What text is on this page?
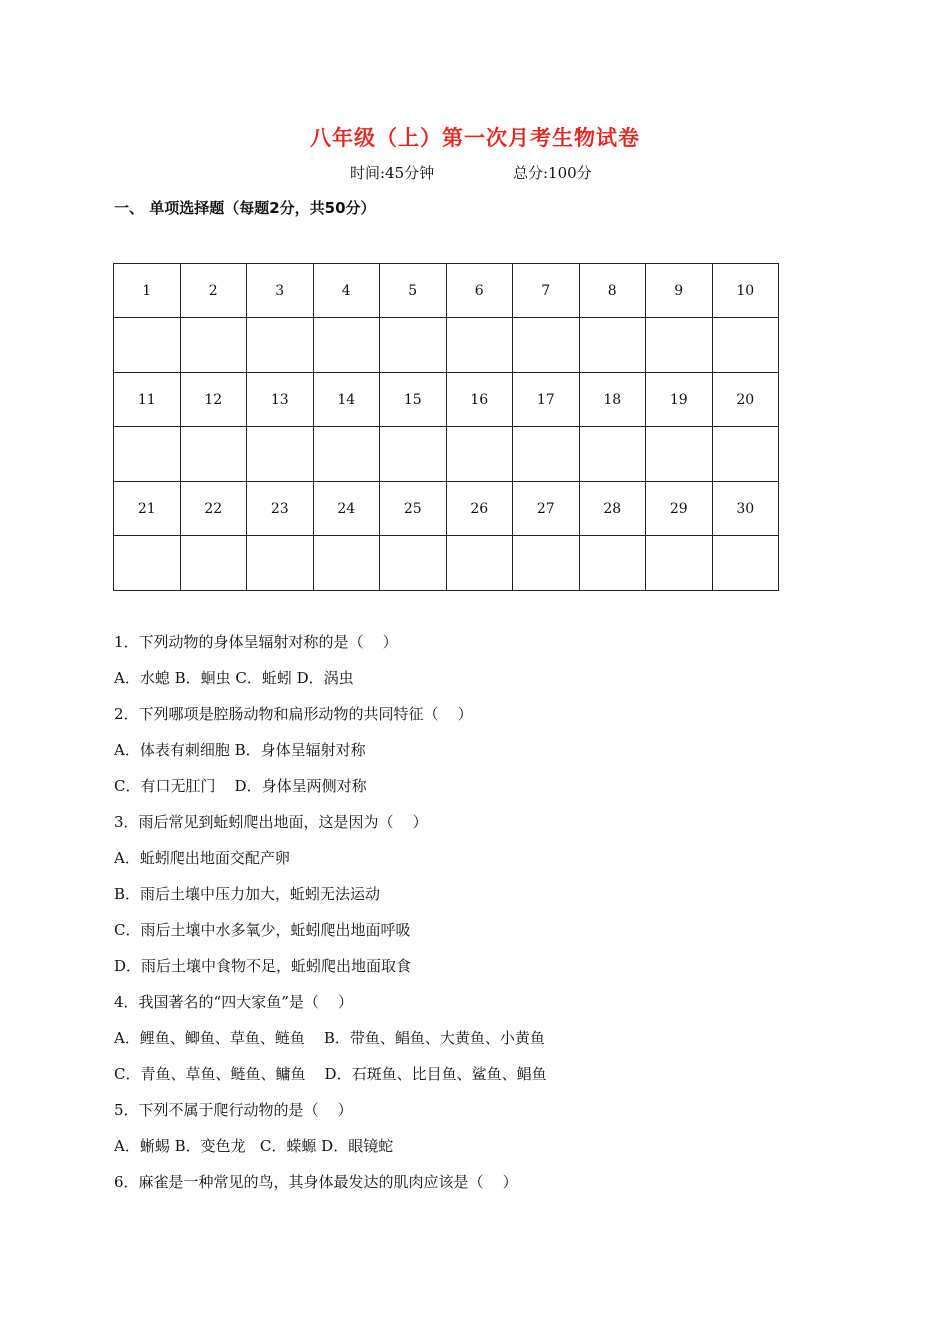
八年级（上）第一次月考生物试卷
时间:45分钟	总分:100分
一、 单项选择题（每题2分，共50分）
1	2	3	4	5	6	7	8	9	10

11	12	13	14	15	16	17	18	19	20

21	22	23	24	25	26	27	28	29	30

1．下列动物的身体呈辐射对称的是（    ）
A．水螅 B．蛔虫 C．蚯蚓 D．涡虫
2．下列哪项是腔肠动物和扁形动物的共同特征（    ）
A．体表有刺细胞 B．身体呈辐射对称
C．有口无肛门    D．身体呈两侧对称
3．雨后常见到蚯蚓爬出地面，这是因为（    ）
A．蚯蚓爬出地面交配产卵
B．雨后土壤中压力加大，蚯蚓无法运动
C．雨后土壤中水多氧少，蚯蚓爬出地面呼吸
D．雨后土壤中食物不足，蚯蚓爬出地面取食
4．我国著名的“四大家鱼”是（    ）
A．鲤鱼、鲫鱼、草鱼、鲢鱼    B．带鱼、鲳鱼、大黄鱼、小黄鱼
C．青鱼、草鱼、鲢鱼、鳙鱼    D．石斑鱼、比目鱼、鲨鱼、鲳鱼
5．下列不属于爬行动物的是（    ）
A．蜥蜴 B．变色龙   C．蝾螈 D．眼镜蛇
6．麻雀是一种常见的鸟，其身体最发达的肌肉应该是（    ）
